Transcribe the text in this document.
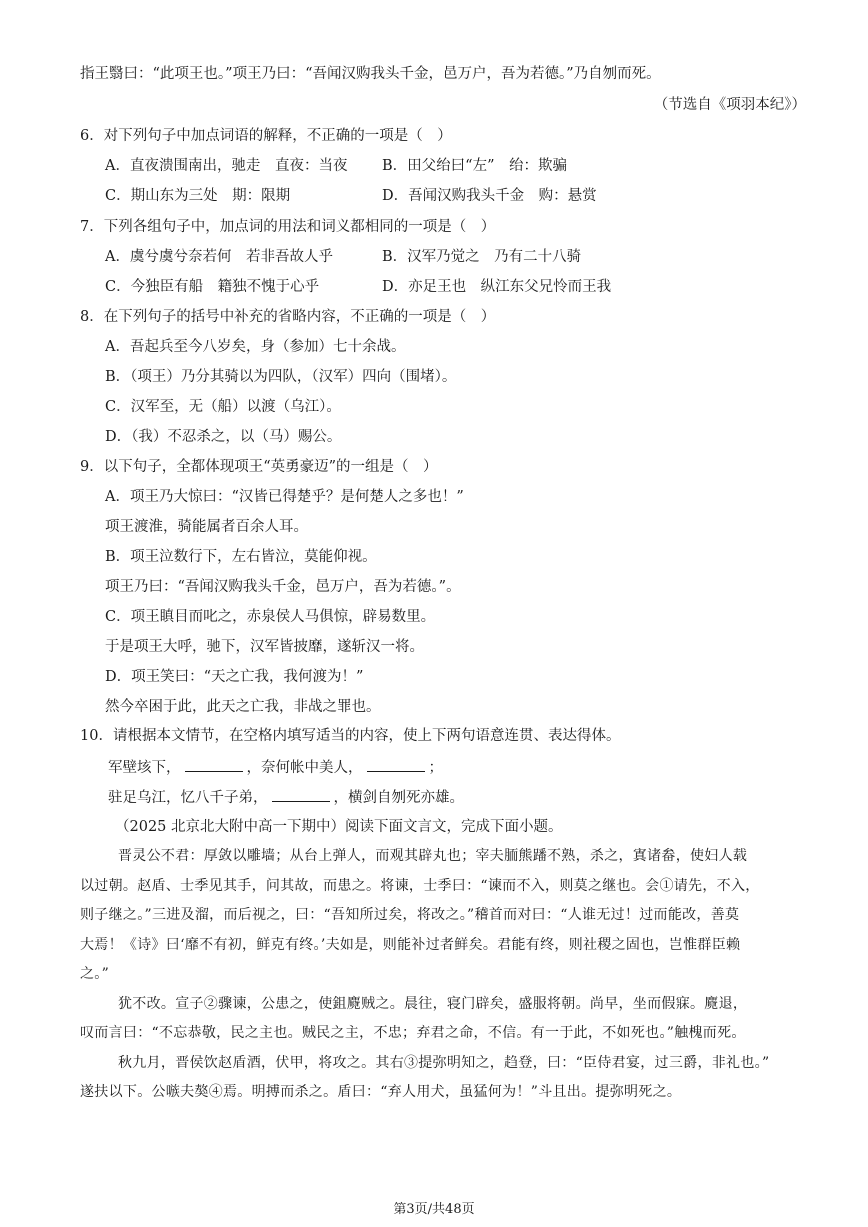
指王翳曰：“此项王也。”项王乃曰：“吾闻汉购我头千金，邑万户，吾为若德。”乃自刎而死。
（节选自《项羽本纪》）
6．对下列句子中加点词语的解释，不正确的一项是（　）
A．直夜溃围南出，驰走　直夜：当夜 B．田父绐曰“左”　绐：欺骗
C．期山东为三处　期：限期	D．吾闻汉购我头千金　购：悬赏
7．下列各组句子中，加点词的用法和词义都相同的一项是（　）
A．虞兮虞兮奈若何　若非吾故人乎	B．汉军乃觉之　乃有二十八骑
C．今独臣有船　籍独不愧于心乎	D．亦足王也　纵江东父兄怜而王我
8．在下列句子的括号中补充的省略内容，不正确的一项是（　）
A．吾起兵至今八岁矣，身（参加）七十余战。
B．（项王）乃分其骑以为四队，（汉军）四向（围堵）。
C．汉军至，无（船）以渡（乌江）。
D．（我）不忍杀之，以（马）赐公。
9．以下句子，全都体现项王“英勇豪迈”的一组是（　）
A．项王乃大惊曰：“汉皆已得楚乎？是何楚人之多也！”
项王渡淮，骑能属者百余人耳。
B．项王泣数行下，左右皆泣，莫能仰视。
项王乃曰：“吾闻汉购我头千金，邑万户，吾为若德。”。
C．项王瞋目而叱之，赤泉侯人马俱惊，辟易数里。
于是项王大呼，驰下，汉军皆披靡，遂斩汉一将。
D．项王笑曰：“天之亡我，我何渡为！”
然今卒困于此，此天之亡我，非战之罪也。
10．请根据本文情节，在空格内填写适当的内容，使上下两句语意连贯、表达得体。
军壁垓下，	，奈何帐中美人，	；
驻足乌江，忆八千子弟，	，横剑自刎死亦雄。
（2025 北京北大附中高一下期中）阅读下面文言文，完成下面小题。
晋灵公不君：厚敛以雕墙；从台上弹人，而观其辟丸也；宰夫胹熊蹯不熟，杀之，寘诸畚，使妇人载
以过朝。赵盾、士季见其手，问其故，而患之。将谏，士季曰：“谏而不入，则莫之继也。会①请先，不入，
则子继之。”三进及溜，而后视之，曰：“吾知所过矣，将改之。”稽首而对曰：“人谁无过！过而能改，善莫
大焉！《诗》曰‘靡不有初，鲜克有终。’夫如是，则能补过者鲜矣。君能有终，则社稷之固也，岂惟群臣赖
之。”
犹不改。宣子②骤谏，公患之，使鉏麑贼之。晨往，寝门辟矣，盛服将朝。尚早，坐而假寐。麑退，
叹而言曰：“不忘恭敬，民之主也。贼民之主，不忠；弃君之命，不信。有一于此，不如死也。”触槐而死。
秋九月，晋侯饮赵盾酒，伏甲，将攻之。其右③提弥明知之，趋登，曰：“臣侍君宴，过三爵，非礼也。”
遂扶以下。公嗾夫獒④焉。明搏而杀之。盾曰：“弃人用犬，虽猛何为！”斗且出。提弥明死之。
第3页/共48页
